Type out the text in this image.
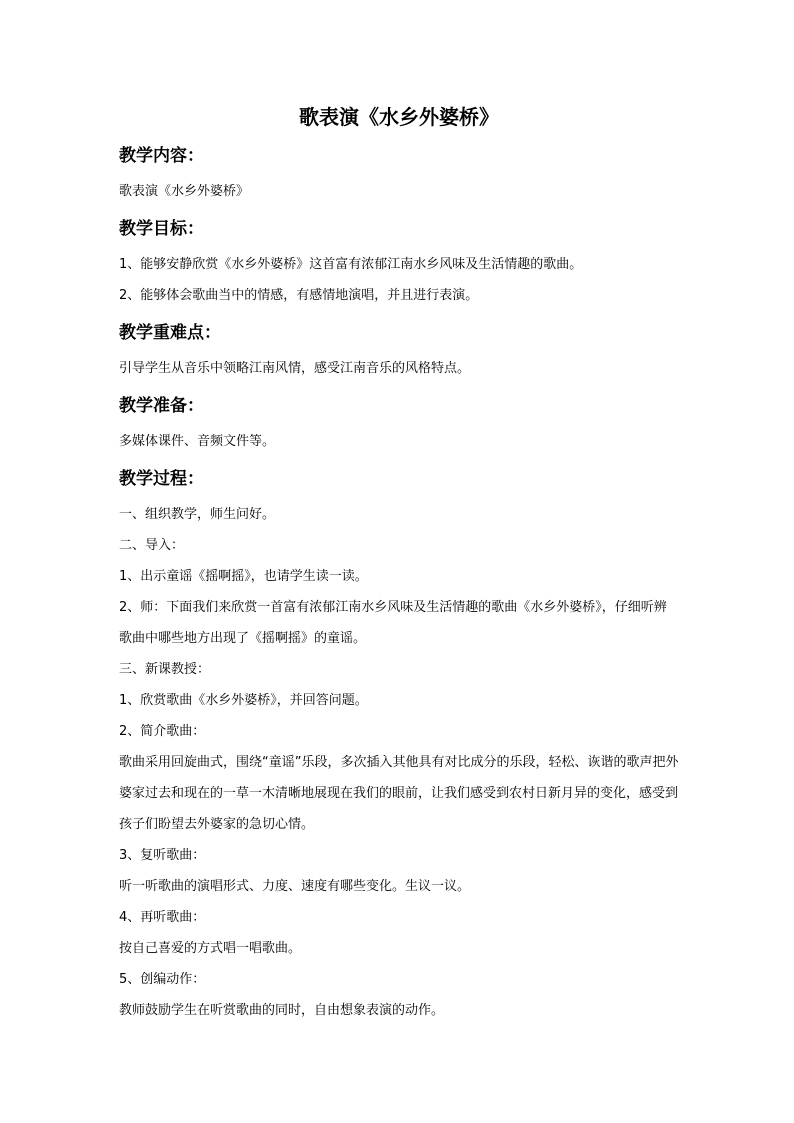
歌表演《水乡外婆桥》
教学内容：

歌表演《水乡外婆桥》

教学目标：

1、能够安静欣赏《水乡外婆桥》这首富有浓郁江南水乡风味及生活情趣的歌曲。

2、能够体会歌曲当中的情感，有感情地演唱，并且进行表演。

教学重难点：

引导学生从音乐中领略江南风情，感受江南音乐的风格特点。

教学准备：

多媒体课件、音频文件等。

教学过程：

一、组织教学，师生问好。

二、导入：

1、出示童谣《摇啊摇》，也请学生读一读。

2、师：下面我们来欣赏一首富有浓郁江南水乡风味及生活情趣的歌曲《水乡外婆桥》，仔细听辨歌曲中哪些地方出现了《摇啊摇》的童谣。

三、新课教授：

1、欣赏歌曲《水乡外婆桥》，并回答问题。

2、简介歌曲：

歌曲采用回旋曲式，围绕“童谣”乐段，多次插入其他具有对比成分的乐段，轻松、诙谐的歌声把外婆家过去和现在的一草一木清晰地展现在我们的眼前，让我们感受到农村日新月异的变化，感受到孩子们盼望去外婆家的急切心情。

3、复听歌曲：

听一听歌曲的演唱形式、力度、速度有哪些变化。生议一议。

4、再听歌曲：

按自己喜爱的方式唱一唱歌曲。

5、创编动作：

教师鼓励学生在听赏歌曲的同时，自由想象表演的动作。
